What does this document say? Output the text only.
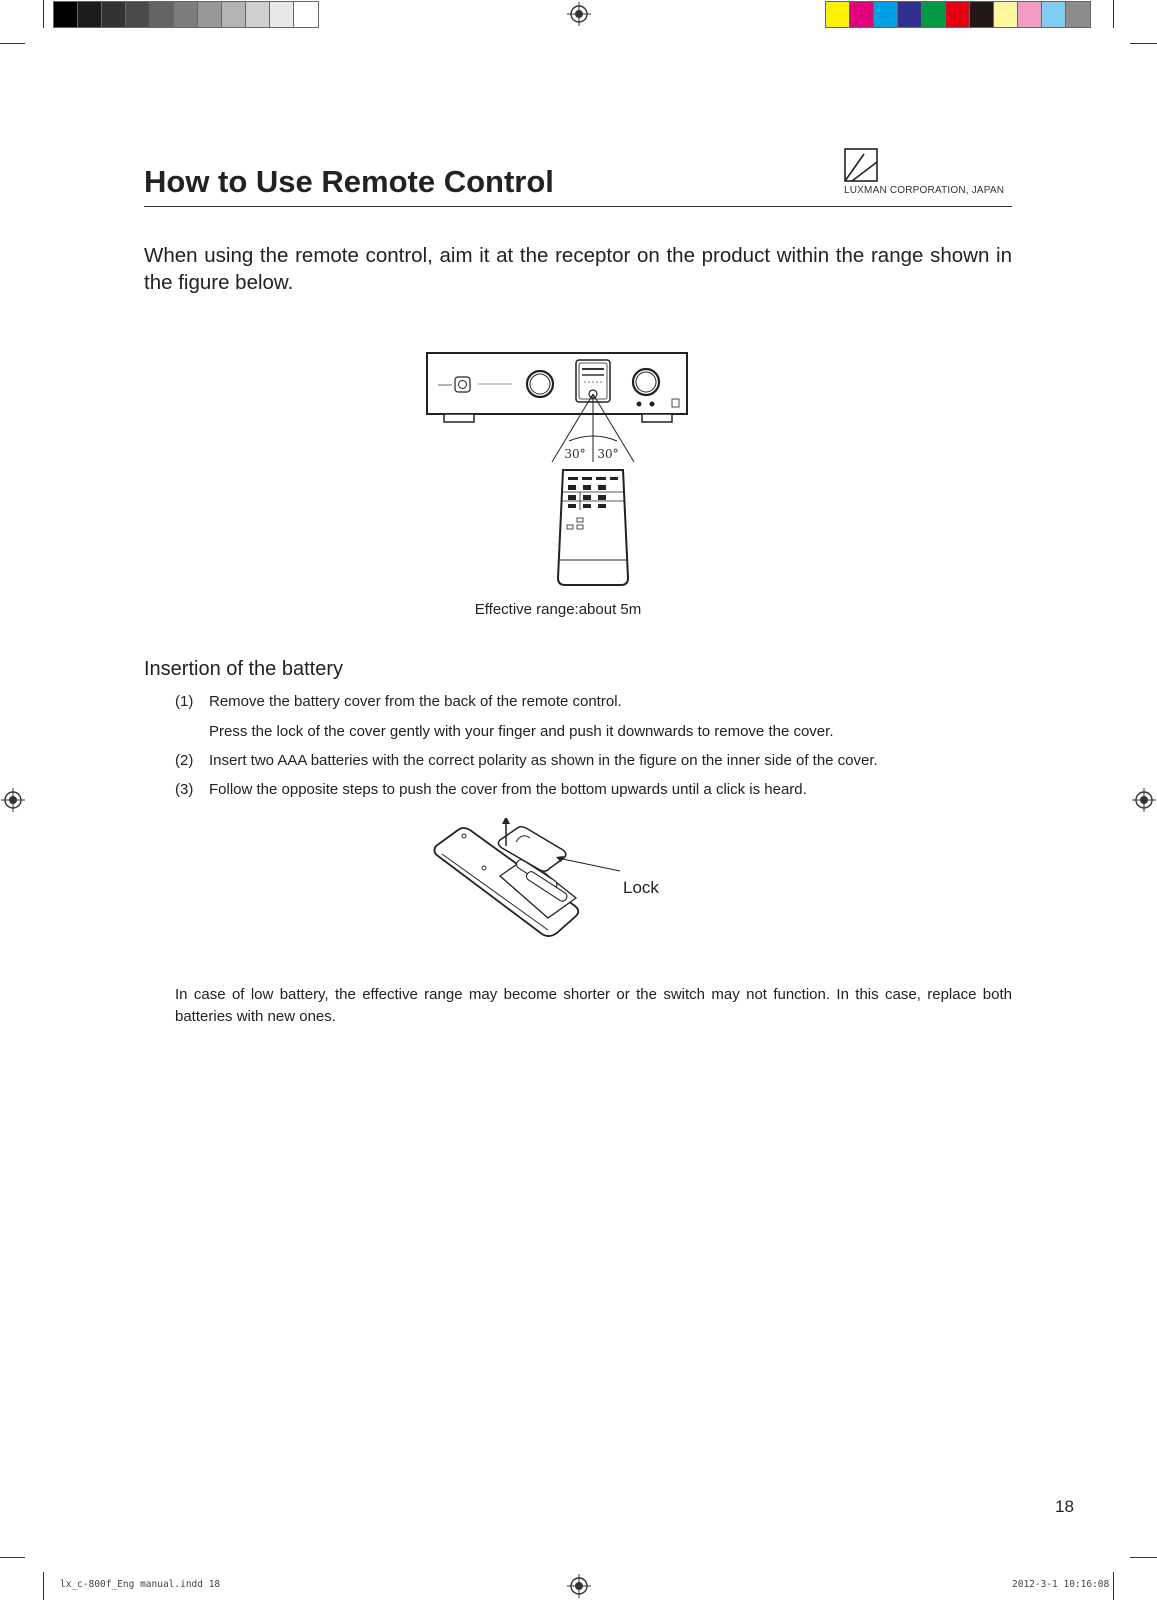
How to Use Remote Control	LUXMAN CORPORATION, JAPAN

When using the remote control, aim it at the receptor on the product within the range shown in the figure below.

30° 30°
Effective range:about 5m
Insertion of the battery
(1) Remove the battery cover from the back of the remote control.
Press the lock of the cover gently with your finger and push it downwards to remove the cover.
(2) Insert two AAA batteries with the correct polarity as shown in the figure on the inner side of the cover.
(3) Follow the opposite steps to push the cover from the bottom upwards until a click is heard.
Lock

In case of low battery, the effective range may become shorter or the switch may not function. In this case, replace both batteries with new ones.

18
lx_c-800f_Eng manual.indd 18	2012-3-1 10:16:08
